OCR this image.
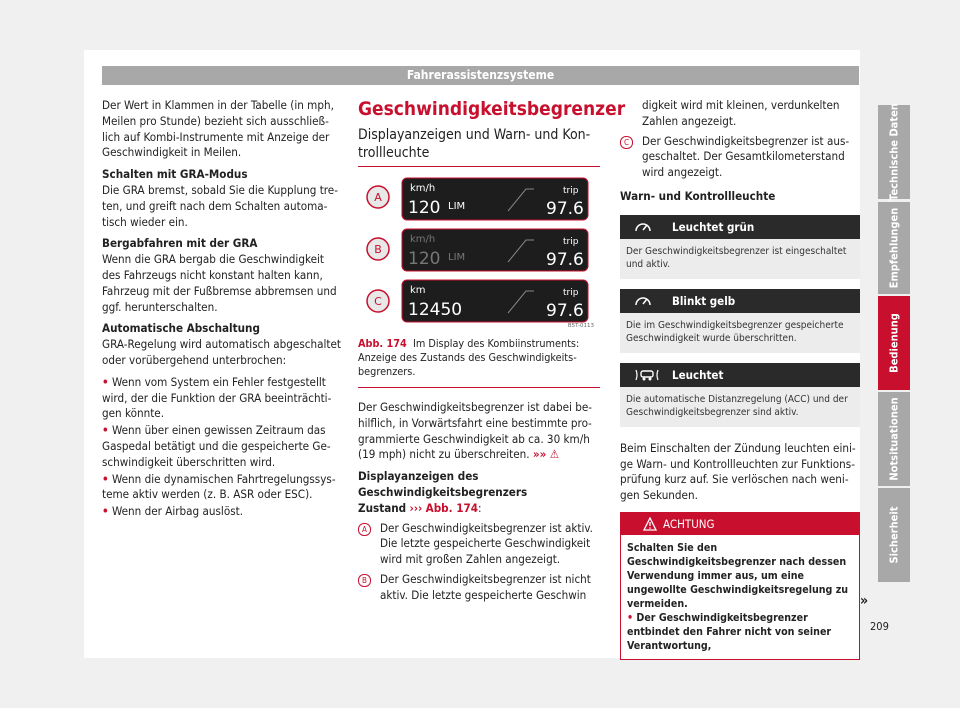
Fahrerassistenzsysteme

Der Wert in Klammen in der Tabelle (in mph, Meilen pro Stunde) bezieht sich ausschließlich auf Kombi-Instrumente mit Anzeige der Geschwindigkeit in Meilen.

Schalten mit GRA-Modus

Die GRA bremst, sobald Sie die Kupplung treten, und greift nach dem Schalten automatisch wieder ein.

Bergabfahren mit der GRA

Wenn die GRA bergab die Geschwindigkeit des Fahrzeugs nicht konstant halten kann, Fahrzeug mit der Fußbremse abbremsen und ggf. herunterschalten.

Automatische Abschaltung

GRA-Regelung wird automatisch abgeschaltet oder vorübergehend unterbrochen:

• Wenn vom System ein Fehler festgestellt wird, der die Funktion der GRA beeinträchtigen könnte.
• Wenn über einen gewissen Zeitraum das Gaspedal betätigt und die gespeicherte Geschwindigkeit überschritten wird.
• Wenn die dynamischen Fahrtregelungssysteme aktiv werden (z. B. ASR oder ESC).
• Wenn der Airbag auslöst.
Geschwindigkeitsbegrenzer
Displayanzeigen und Warn- und Kontrollleuchte
A
km/h
120 LIM
trip
97.6
B
km/h
120 LIM
trip
97.6
C
km
12450
trip
97.6
B5T-0113
Abb. 174 Im Display des Kombiinstruments: Anzeige des Zustands des Geschwindigkeitsbegrenzers.

Der Geschwindigkeitsbegrenzer ist dabei behilflich, in Vorwärtsfahrt eine bestimmte programmierte Geschwindigkeit ab ca. 30 km/h (19 mph) nicht zu überschreiten. »» ⚠

Displayanzeigen des Geschwindigkeitsbegrenzers
Zustand ››› Abb. 174:
A	Der Geschwindigkeitsbegrenzer ist aktiv. Die letzte gespeicherte Geschwindigkeit wird mit großen Zahlen angezeigt.
B	Der Geschwindigkeitsbegrenzer ist nicht aktiv. Die letzte gespeicherte Geschwin
digkeit wird mit kleinen, verdunkelten Zahlen angezeigt.
C	Der Geschwindigkeitsbegrenzer ist ausgeschaltet. Der Gesamtkilometerstand wird angezeigt.
Warn- und Kontrollleuchte
Leuchtet grün
Der Geschwindigkeitsbegrenzer ist eingeschaltet und aktiv.
Blinkt gelb
Die im Geschwindigkeitsbegrenzer gespeicherte Geschwindigkeit wurde überschritten.
Leuchtet
Die automatische Distanzregelung (ACC) und der Geschwindigkeitsbegrenzer sind aktiv.

Beim Einschalten der Zündung leuchten einige Warn- und Kontrollleuchten zur Funktionsprüfung kurz auf. Sie verlöschen nach wenigen Sekunden.

ACHTUNG
Schalten Sie den Geschwindigkeitsbegrenzer nach dessen Verwendung immer aus, um eine ungewollte Geschwindigkeitsregelung zu vermeiden.
• Der Geschwindigkeitsbegrenzer entbindet den Fahrer nicht von seiner Verantwortung,
»
Technische Daten
Empfehlungen
Bedienung
Notsituationen
Sicherheit
209
